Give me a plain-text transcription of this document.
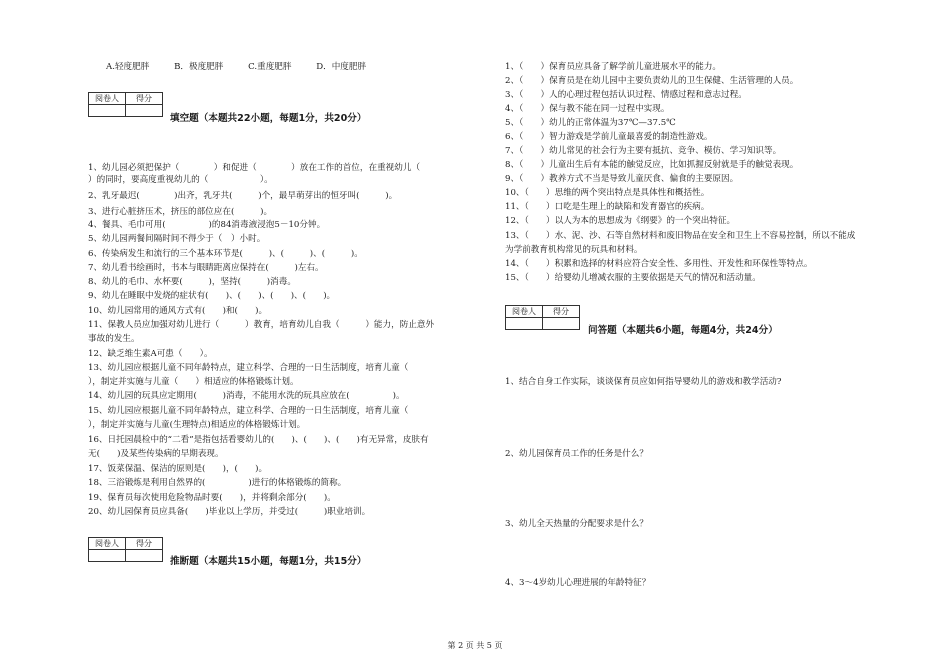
A.轻度肥胖	B．极度肥胖	C.重度肥胖	D．中度肥胖
阅卷人	得分

填空题（本题共22小题，每题1分，共20分）
1、幼儿园必须把保护（　　　　）和促进（　　　　）放在工作的首位，在重视幼儿（
）的同时，要高度重视幼儿的（　　　　　　）。
2、乳牙最迟(　　　　)出齐，乳牙共(　　　)个，最早萌芽出的恒牙叫(　　　)。
3、进行心脏挤压术，挤压的部位应在(　　　)。
4、餐具、毛巾可用(　　　　　)的84消毒液浸泡5－10分钟。
5、幼儿园两餐间隔时间不得少于（　）小时。
6、传染病发生和流行的三个基本环节是(　　　)、(　　　)、(　　　)。
7、幼儿看书绘画时，书本与眼睛距离应保持在(　　　)左右。
8、幼儿的毛巾、水杯要(　　　)，坚持(　　　)消毒。
9、幼儿在睡眠中发烧的症状有(　　)、(　　)、(　　)、(　　)。
10、幼儿园常用的通风方式有(　　)和(　　)。
11、保教人员应加强对幼儿进行（　　　）教育，培育幼儿自我（　　　）能力，防止意外
事故的发生。
12、缺乏维生素A可患（　　）。
13、幼儿园应根据儿童不同年龄特点，建立科学、合理的一日生活制度，培育儿童（
），制定并实施与儿童（　　）相适应的体格锻炼计划。
14、幼儿园的玩具应定期用(　　　)消毒，不能用水洗的玩具应放在(　　　　　)。
15、幼儿园应根据儿童不同年龄特点，建立科学、合理的一日生活制度，培育儿童（
），制定并实施与儿童(生理特点)相适应的体格锻炼计划。
16、日托园晨检中的“二看”是指包括看婴幼儿的(　　)、(　　)、(　　)有无异常，皮肤有
无(　　)及某些传染病的早期表现。
17、饭菜保温、保洁的原则是(　　)，(　　)。
18、三浴锻炼是利用自然界的(　　　　　)进行的体格锻炼的简称。
19、保育员每次使用危险物品时要(　　)，并将剩余部分(　　)。
20、幼儿园保育员应具备(　　)毕业以上学历，并受过(　　　)职业培训。
阅卷人	得分

推断题（本题共15小题，每题1分，共15分）
1、（　　）保育员应具备了解学前儿童进展水平的能力。
2、（　　）保育员是在幼儿园中主要负责幼儿的卫生保健、生活管理的人员。
3、（　　）人的心理过程包括认识过程、情感过程和意志过程。
4、（　　）保与教不能在同一过程中实现。
5、（　　）幼儿的正常体温为37℃—37.5℃
6、（　　）智力游戏是学前儿童最喜爱的制造性游戏。
7、（　　）幼儿常见的社会行为主要有抵抗、竞争、模仿、学习知识等。
8、（　　）儿童出生后有本能的触觉反应，比如抓握反射就是手的触觉表现。
9、（　　）教养方式不当是导致儿童厌食、偏食的主要原因。
10、（　　）思维的两个突出特点是具体性和概括性。
11、（　　）口吃是生理上的缺陷和发育器官的疾病。
12、（　　）以人为本的思想成为《纲要》的一个突出特征。
13、（　　）水、泥、沙、石等自然材料和废旧物品在安全和卫生上不容易控制，所以不能成
为学前教育机构常见的玩具和材料。
14、（　　）积累和选择的材料应符合安全性、多用性、开发性和环保性等特点。
15、（　　）给婴幼儿增减衣服的主要依据是天气的情况和活动量。
阅卷人	得分

问答题（本题共6小题，每题4分，共24分）
1、结合自身工作实际，谈谈保育员应如何指导婴幼儿的游戏和教学活动?
2、幼儿园保育员工作的任务是什么？
3、幼儿全天热量的分配要求是什么？
4、3～4岁幼儿心理进展的年龄特征？
第 2 页 共 5 页
